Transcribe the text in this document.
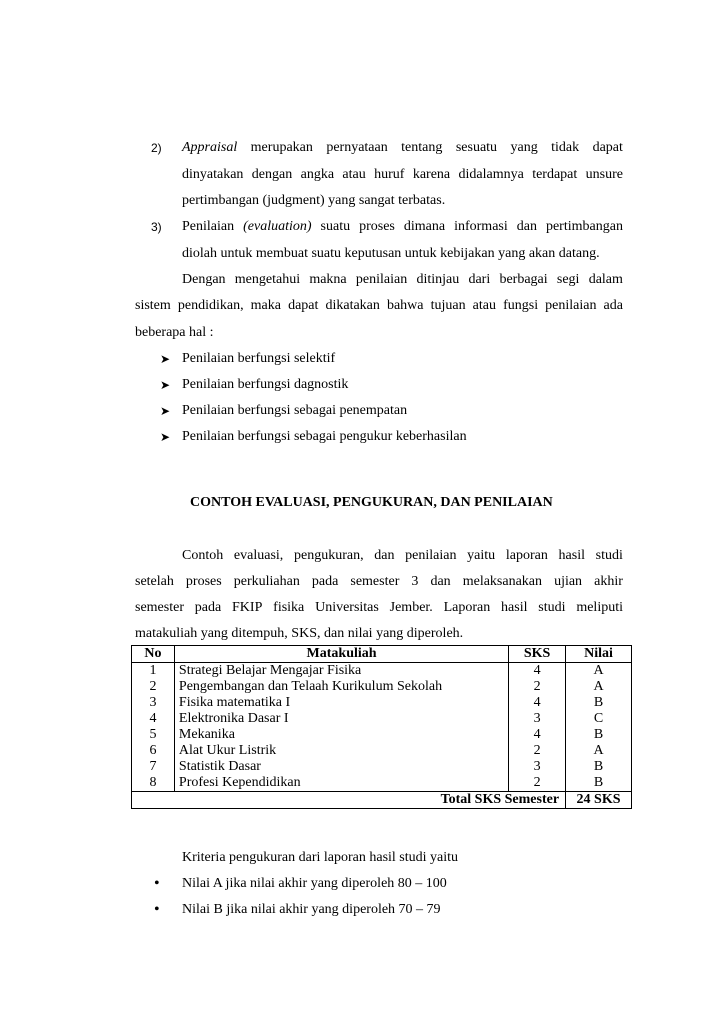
2) Appraisal merupakan pernyataan tentang sesuatu yang tidak dapat
dinyatakan dengan angka atau huruf karena didalamnya terdapat unsure
pertimbangan (judgment) yang sangat terbatas.
3) Penilaian (evaluation) suatu proses dimana informasi dan pertimbangan
diolah untuk membuat suatu keputusan untuk kebijakan yang akan datang.
Dengan mengetahui makna penilaian ditinjau dari berbagai segi dalam
sistem pendidikan, maka dapat dikatakan bahwa tujuan atau fungsi penilaian ada
beberapa hal :
➤ Penilaian berfungsi selektif
➤ Penilaian berfungsi dagnostik
➤ Penilaian berfungsi sebagai penempatan
➤ Penilaian berfungsi sebagai pengukur keberhasilan
CONTOH EVALUASI, PENGUKURAN, DAN PENILAIAN
Contoh evaluasi, pengukuran, dan penilaian yaitu laporan hasil studi
setelah proses perkuliahan pada semester 3 dan melaksanakan ujian akhir
semester pada FKIP fisika Universitas Jember. Laporan hasil studi meliputi
matakuliah yang ditempuh, SKS, dan nilai yang diperoleh.
No	Matakuliah	SKS	Nilai
1	Strategi Belajar Mengajar Fisika	4	A
2	Pengembangan dan Telaah Kurikulum Sekolah	2	A
3	Fisika matematika I	4	B
4	Elektronika Dasar I	3	C
5	Mekanika	4	B
6	Alat Ukur Listrik	2	A
7	Statistik Dasar	3	B
8	Profesi Kependidikan	2	B
Total SKS Semester			24 SKS
Kriteria pengukuran dari laporan hasil studi yaitu
• Nilai A jika nilai akhir yang diperoleh 80 – 100
• Nilai B jika nilai akhir yang diperoleh 70 – 79
